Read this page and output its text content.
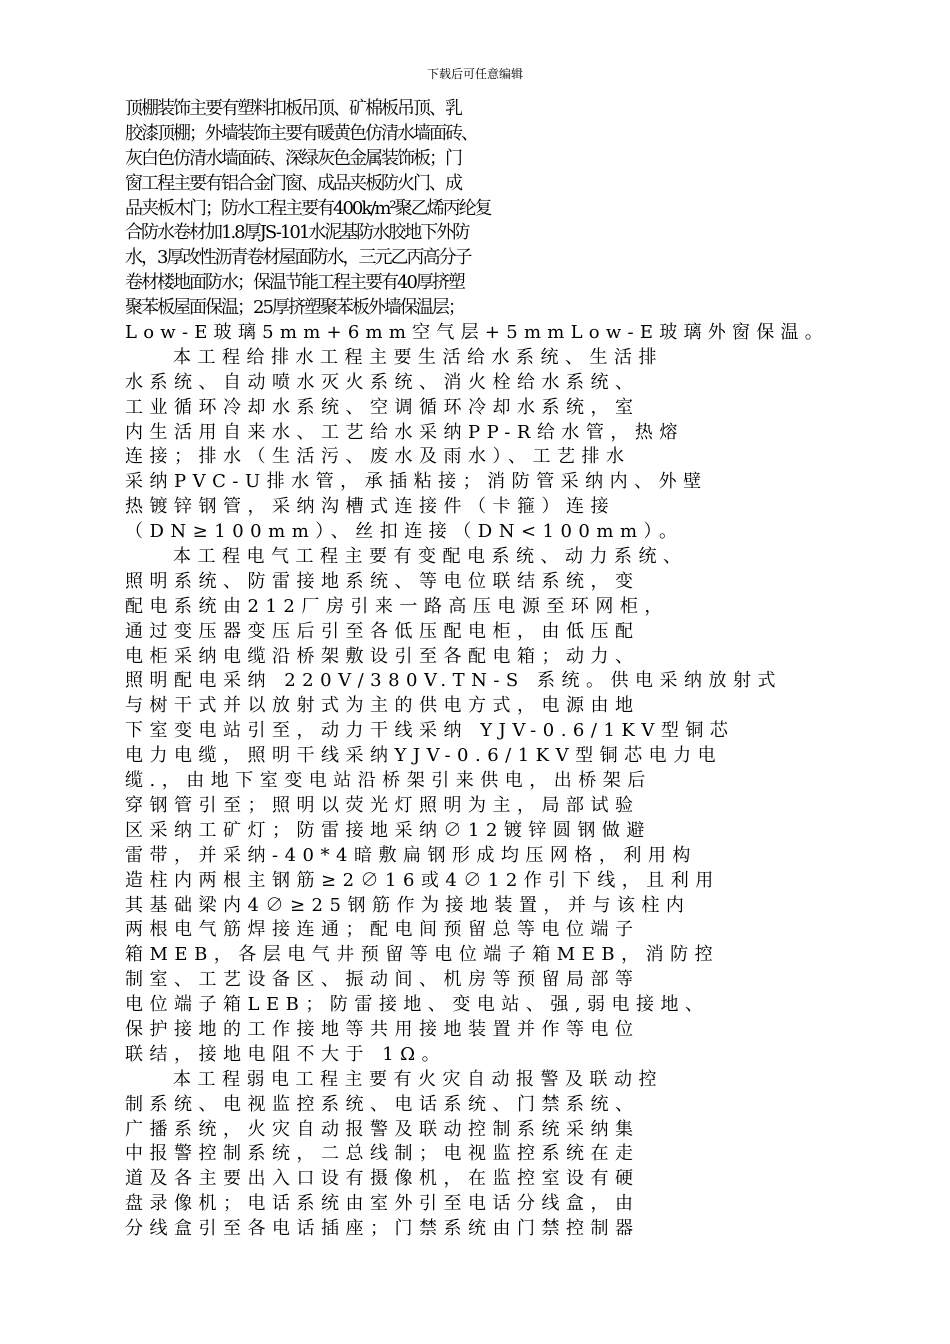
下载后可任意编辑
顶棚装饰主要有塑料扣板吊顶、矿棉板吊顶、乳
胶漆顶棚；外墙装饰主要有暖黄色仿清水墙面砖、
灰白色仿清水墙面砖、深绿灰色金属装饰板；门
窗工程主要有铝合金门窗、成品夹板防火门、成
品夹板木门；防水工程主要有400k/m²聚乙烯丙纶复
合防水卷材加1.8厚JS-101水泥基防水胶地下外防
水，3厚改性沥青卷材屋面防水，三元乙丙高分子
卷材楼地面防水；保温节能工程主要有40厚挤塑
聚苯板屋面保温；25厚挤塑聚苯板外墙保温层；
Low-E玻璃5mm+6mm空气层+5mmLow-E玻璃外窗保温。
本工程给排水工程主要生活给水系统、生活排
水系统、自动喷水灭火系统、消火栓给水系统、
工业循环冷却水系统、空调循环冷却水系统，室
内生活用自来水、工艺给水采纳PP-R给水管，热熔
连接；排水（生活污、废水及雨水）、工艺排水
采纳PVC-U排水管，承插粘接；消防管采纳内、外壁
热镀锌钢管，采纳沟槽式连接件（卡箍）连接
（DN≥100mm）、丝扣连接（DN<100mm）。
本工程电气工程主要有变配电系统、动力系统、
照明系统、防雷接地系统、等电位联结系统，变
配电系统由212厂房引来一路高压电源至环网柜，
通过变压器变压后引至各低压配电柜，由低压配
电柜采纳电缆沿桥架敷设引至各配电箱；动力、
照明配电采纳 220V/380V.TN-S 系统。供电采纳放射式
与树干式并以放射式为主的供电方式，电源由地
下室变电站引至，动力干线采纳 YJV-0.6/1KV型铜芯
电力电缆，照明干线采纳YJV-0.6/1KV型铜芯电力电
缆.，由地下室变电站沿桥架引来供电，出桥架后
穿钢管引至；照明以荧光灯照明为主，局部试验
区采纳工矿灯；防雷接地采纳∅12镀锌圆钢做避
雷带，并采纳-40*4暗敷扁钢形成均压网格，利用构
造柱内两根主钢筋≥2∅16或4∅12作引下线，且利用
其基础梁内4∅≥25钢筋作为接地装置，并与该柱内
两根电气筋焊接连通；配电间预留总等电位端子
箱MEB，各层电气井预留等电位端子箱MEB，消防控
制室、工艺设备区、振动间、机房等预留局部等
电位端子箱LEB；防雷接地、变电站、强,弱电接地、
保护接地的工作接地等共用接地装置并作等电位
联结，接地电阻不大于 1Ω。
本工程弱电工程主要有火灾自动报警及联动控
制系统、电视监控系统、电话系统、门禁系统、
广播系统，火灾自动报警及联动控制系统采纳集
中报警控制系统，二总线制；电视监控系统在走
道及各主要出入口设有摄像机，在监控室设有硬
盘录像机；电话系统由室外引至电话分线盒，由
分线盒引至各电话插座；门禁系统由门禁控制器
